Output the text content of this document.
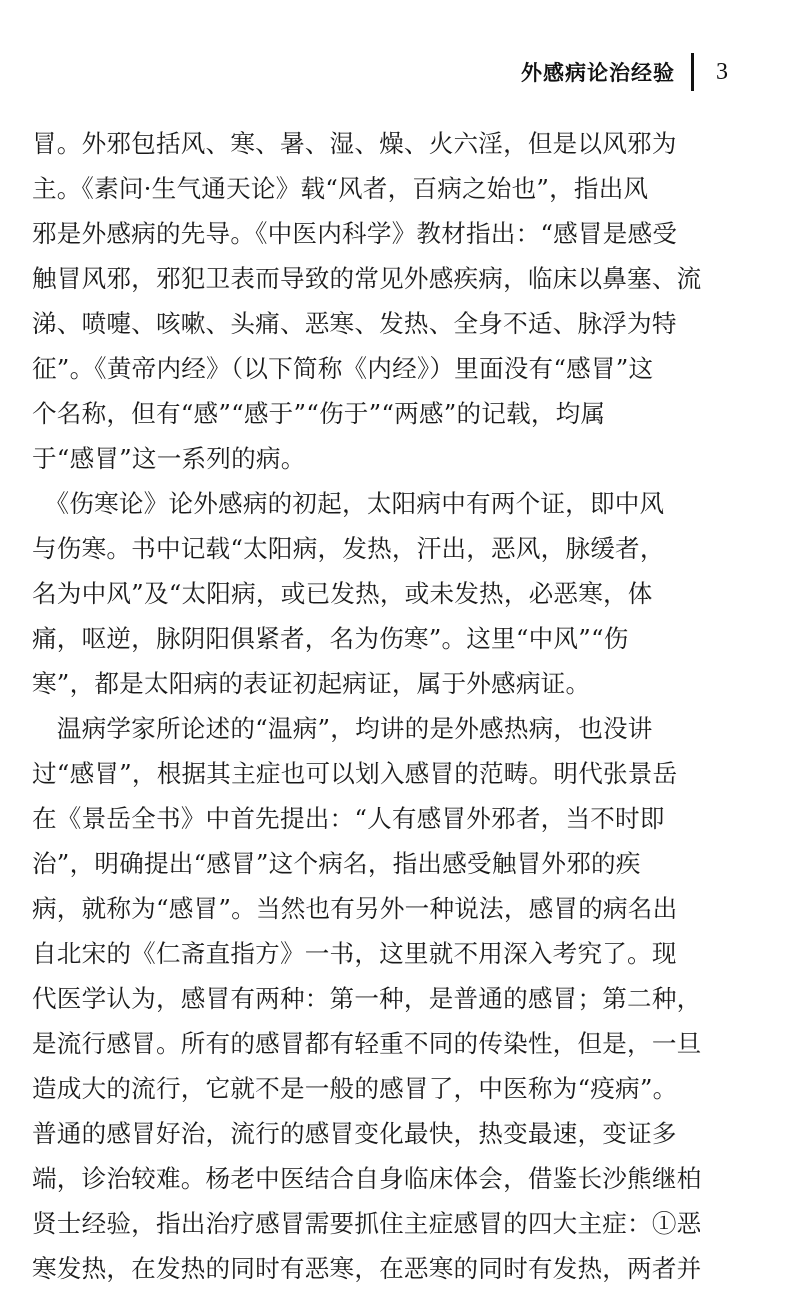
外感病论治经验 3
冒。外邪包括风、寒、暑、湿、燥、火六淫，但是以风邪为
主。《素问·生气通天论》载“风者，百病之始也”，指出风
邪是外感病的先导。《中医内科学》教材指出：“感冒是感受
触冒风邪，邪犯卫表而导致的常见外感疾病，临床以鼻塞、流
涕、喷嚏、咳嗽、头痛、恶寒、发热、全身不适、脉浮为特
征”。《黄帝内经》（以下简称《内经》）里面没有“感冒”这
个名称，但有“感”“感于”“伤于”“两感”的记载，均属
于“感冒”这一系列的病。
　《伤寒论》论外感病的初起，太阳病中有两个证，即中风
与伤寒。书中记载“太阳病，发热，汗出，恶风，脉缓者，
名为中风”及“太阳病，或已发热，或未发热，必恶寒，体
痛，呕逆，脉阴阳俱紧者，名为伤寒”。这里“中风”“伤
寒”，都是太阳病的表证初起病证，属于外感病证。
　温病学家所论述的“温病”，均讲的是外感热病，也没讲
过“感冒”，根据其主症也可以划入感冒的范畴。明代张景岳
在《景岳全书》中首先提出：“人有感冒外邪者，当不时即
治”，明确提出“感冒”这个病名，指出感受触冒外邪的疾
病，就称为“感冒”。当然也有另外一种说法，感冒的病名出
自北宋的《仁斋直指方》一书，这里就不用深入考究了。现
代医学认为，感冒有两种：第一种，是普通的感冒；第二种，
是流行感冒。所有的感冒都有轻重不同的传染性，但是，一旦
造成大的流行，它就不是一般的感冒了，中医称为“疫病”。
普通的感冒好治，流行的感冒变化最快，热变最速，变证多
端，诊治较难。杨老中医结合自身临床体会，借鉴长沙熊继柏
贤士经验，指出治疗感冒需要抓住主症感冒的四大主症：①恶
寒发热，在发热的同时有恶寒，在恶寒的同时有发热，两者并
